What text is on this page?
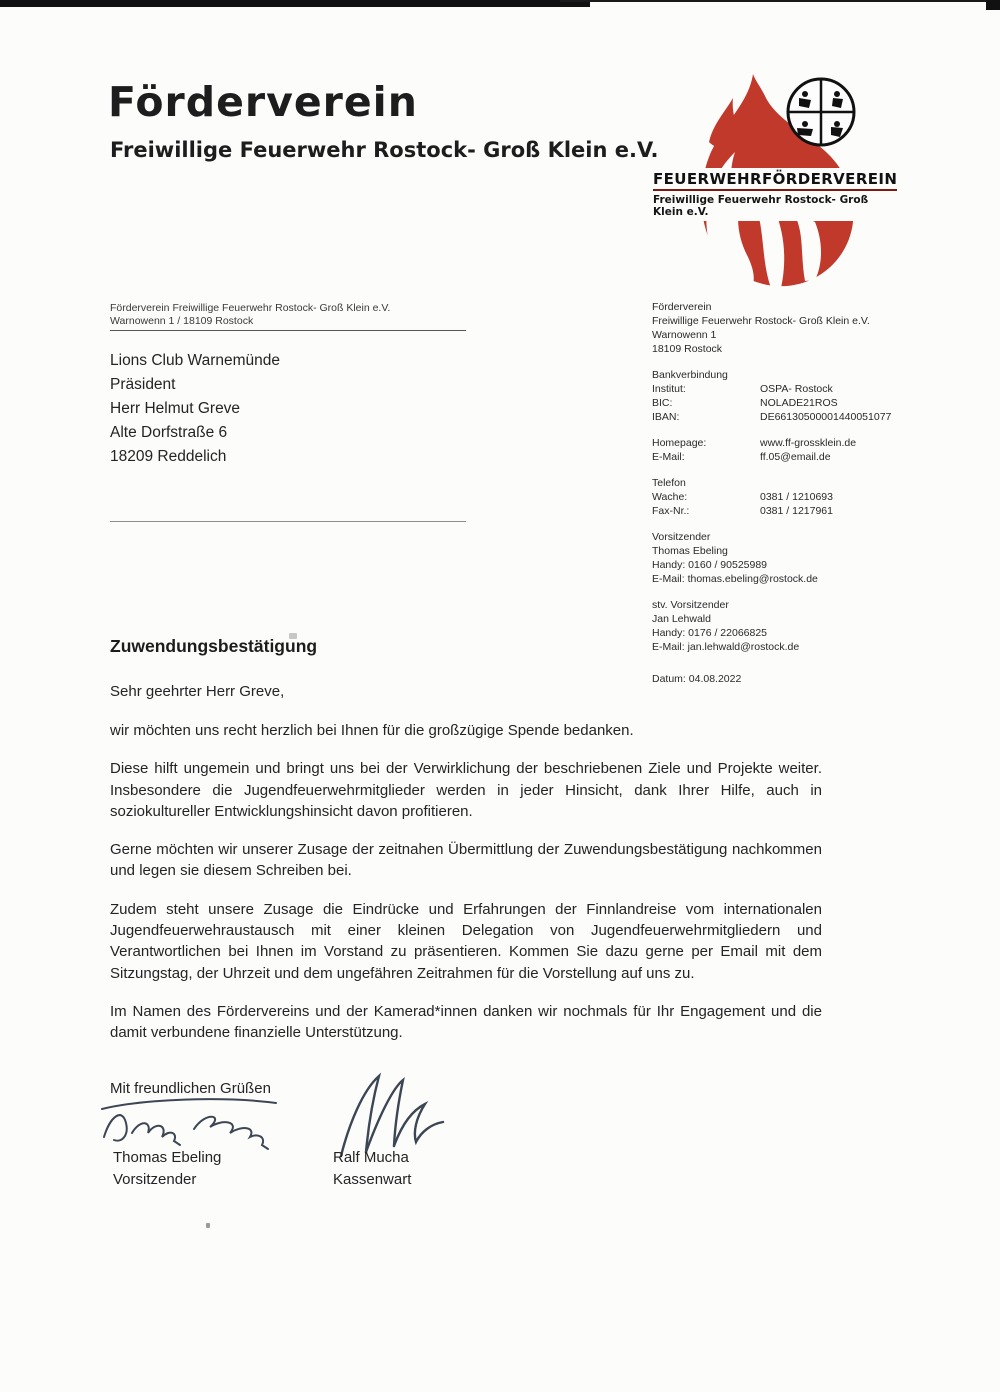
Förderverein
Freiwillige Feuerwehr Rostock- Groß Klein e.V.
FEUERWEHRFÖRDERVEREIN
Freiwillige Feuerwehr Rostock- Groß Klein e.V.
Förderverein Freiwillige Feuerwehr Rostock- Groß Klein e.V.
Warnowenn 1 / 18109 Rostock
Lions Club Warnemünde
Präsident
Herr Helmut Greve
Alte Dorfstraße 6
18209 Reddelich
Förderverein
Freiwillige Feuerwehr Rostock- Groß Klein e.V.
Warnowenn 1
18109 Rostock
Bankverbindung
Institut:	OSPA- Rostock
BIC:	NOLADE21ROS
IBAN:	DE66130500001440051077
Homepage:	www.ff-grossklein.de
E-Mail:	ff.05@email.de
Telefon
Wache:	0381 / 1210693
Fax-Nr.:	0381 / 1217961
Vorsitzender
Thomas Ebeling
Handy: 0160 / 90525989
E-Mail: thomas.ebeling@rostock.de
stv. Vorsitzender
Jan Lehwald
Handy: 0176 / 22066825
E-Mail: jan.lehwald@rostock.de
Datum: 04.08.2022
Zuwendungsbestätigung
Sehr geehrter Herr Greve,

wir möchten uns recht herzlich bei Ihnen für die großzügige Spende bedanken.

Diese hilft ungemein und bringt uns bei der Verwirklichung der beschriebenen Ziele und Projekte weiter. Insbesondere die Jugendfeuerwehrmitglieder werden in jeder Hinsicht, dank Ihrer Hilfe, auch in soziokultureller Entwicklungshinsicht davon profitieren.

Gerne möchten wir unserer Zusage der zeitnahen Übermittlung der Zuwendungsbestätigung nachkommen und legen sie diesem Schreiben bei.

Zudem steht unsere Zusage die Eindrücke und Erfahrungen der Finnlandreise vom internationalen Jugendfeuerwehraustausch mit einer kleinen Delegation von Jugendfeuerwehrmitgliedern und Verantwortlichen bei Ihnen im Vorstand zu präsentieren. Kommen Sie dazu gerne per Email mit dem Sitzungstag, der Uhrzeit und dem ungefähren Zeitrahmen für die Vorstellung auf uns zu.

Im Namen des Fördervereins und der Kamerad*innen danken wir nochmals für Ihr Engagement und die damit verbundene finanzielle Unterstützung.

Mit freundlichen Grüßen
Thomas Ebeling
Vorsitzender
Ralf Mucha
Kassenwart
